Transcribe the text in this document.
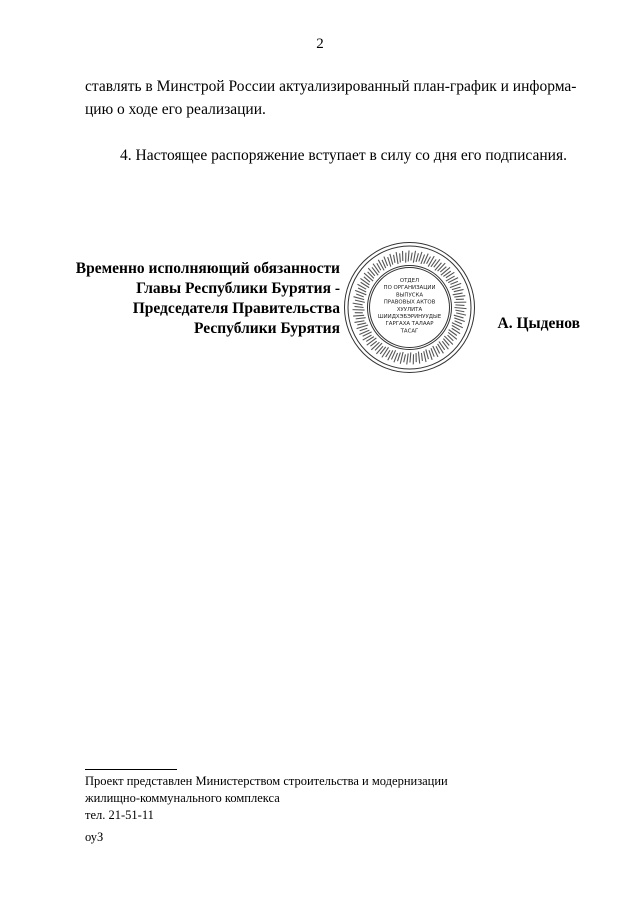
2
ставлять в Минстрой России актуализированный план-график и информа-
цию о ходе его реализации.
4. Настоящее распоряжение вступает в силу со дня его подписания.
Временно исполняющий обязанности
Главы Республики Бурятия -
Председателя Правительства
Республики Бурятия
ОТДЕЛ
ПО ОРГАНИЗАЦИИ
ВЫПУСКА
ПРАВОВЫХ АКТОВ
ХУУЛИТА
ШИИДХЭБЭРИНУУДЫЕ
ГАРГАХА ТАЛААР
ТАСАГ	А. Цыденов
Проект представлен Министерством строительства и модернизации
жилищно-коммунального комплекса
тел. 21-51-11
оуЗ
